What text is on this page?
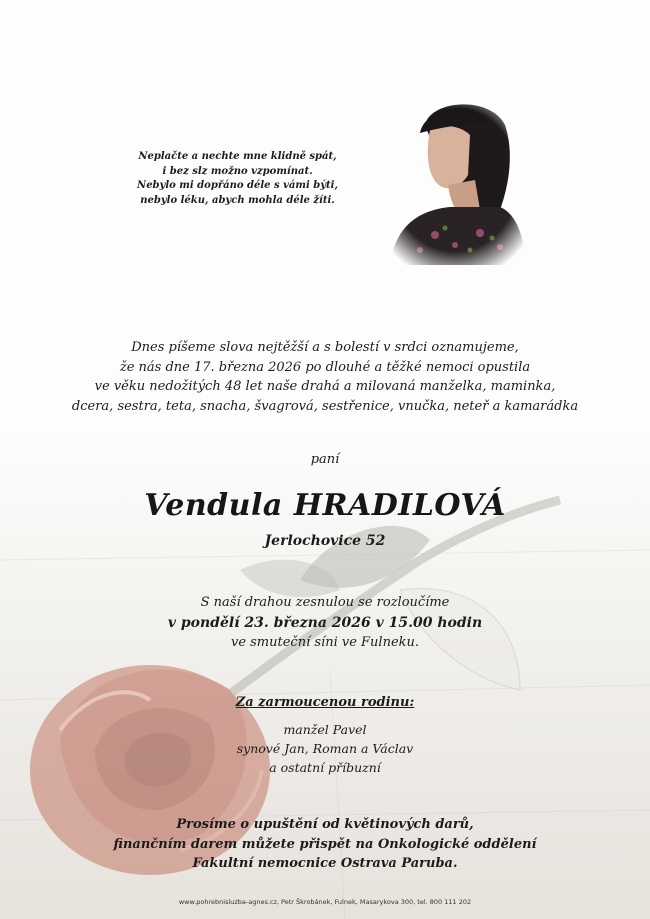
Neplačte a nechte mne klidně spát,
i bez slz možno vzpomínat.
Nebylo mi dopřáno déle s vámi býti,
nebylo léku, abych mohla déle žíti.
Dnes píšeme slova nejtěžší a s bolestí v srdci oznamujeme,
že nás dne 17. března 2026 po dlouhé a těžké nemoci opustila
ve věku nedožitých 48 let naše drahá a milovaná manželka, maminka,
dcera, sestra, teta, snacha, švagrová, sestřenice, vnučka, neteř a kamarádka
paní
Vendula HRADILOVÁ
Jerlochovice 52
S naší drahou zesnulou se rozloučíme
v pondělí 23. března 2026 v 15.00 hodin
ve smuteční síni ve Fulneku.
Za zarmoucenou rodinu:
manžel Pavel
synové Jan, Roman a Václav
a ostatní příbuzní
Prosíme o upuštění od květinových darů,
finančním darem můžete přispět na Onkologické oddělení
Fakultní nemocnice Ostrava Paruba.
www.pohrebnisluzba-agnes.cz, Petr Škrobánek, Fulnek, Masarykova 300, tel. 800 111 202
